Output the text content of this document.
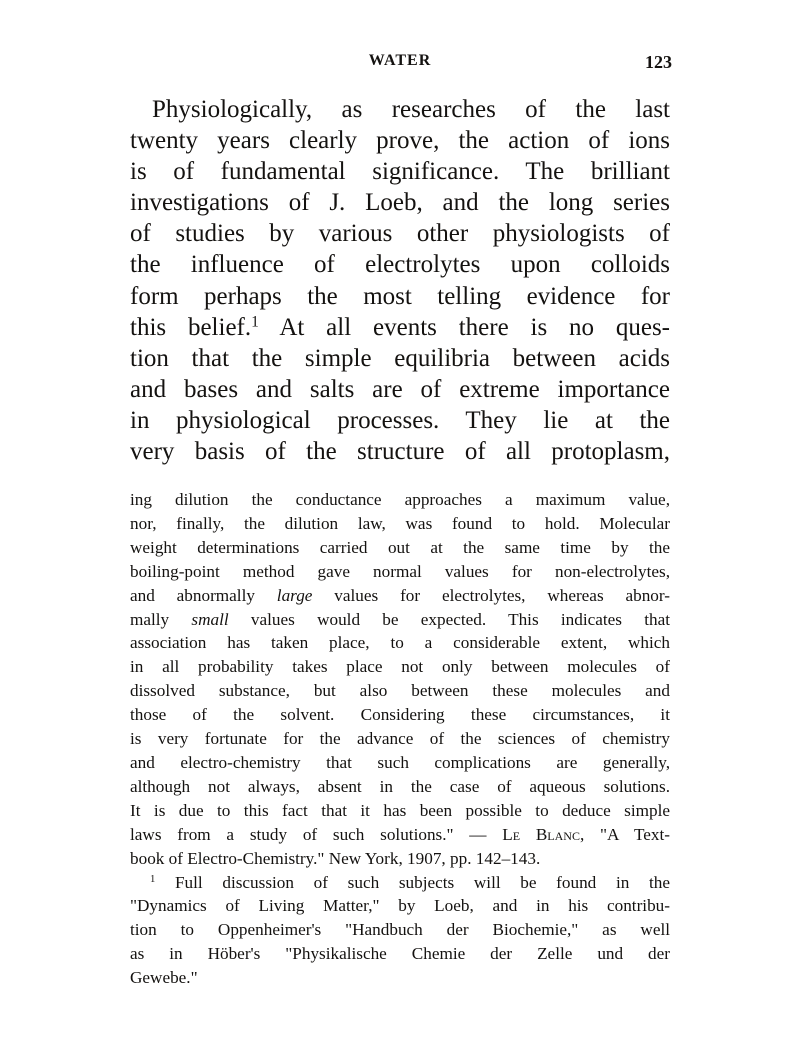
WATER	123
Physiologically, as researches of the last
twenty years clearly prove, the action of ions
is of fundamental significance. The brilliant
investigations of J. Loeb, and the long series
of studies by various other physiologists of
the influence of electrolytes upon colloids
form perhaps the most telling evidence for
this belief.$^1$ At all events there is no ques-
tion that the simple equilibria between acids
and bases and salts are of extreme importance
in physiological processes. They lie at the
very basis of the structure of all protoplasm,
ing dilution the conductance approaches a maximum value,
nor, finally, the dilution law, was found to hold. Molecular
weight determinations carried out at the same time by the
boiling-point method gave normal values for non-electrolytes,
and abnormally large values for electrolytes, whereas abnor-
mally small values would be expected. This indicates that
association has taken place, to a considerable extent, which
in all probability takes place not only between molecules of
dissolved substance, but also between these molecules and
those of the solvent. Considering these circumstances, it
is very fortunate for the advance of the sciences of chemistry
and electro-chemistry that such complications are generally,
although not always, absent in the case of aqueous solutions.
It is due to this fact that it has been possible to deduce simple
laws from a study of such solutions." — Le Blanc, "A Text-
book of Electro-Chemistry." New York, 1907, pp. 142–143.
$^1$ Full discussion of such subjects will be found in the
"Dynamics of Living Matter," by Loeb, and in his contribu-
tion to Oppenheimer's "Handbuch der Biochemie," as well
as in Höber's "Physikalische Chemie der Zelle und der
Gewebe."
